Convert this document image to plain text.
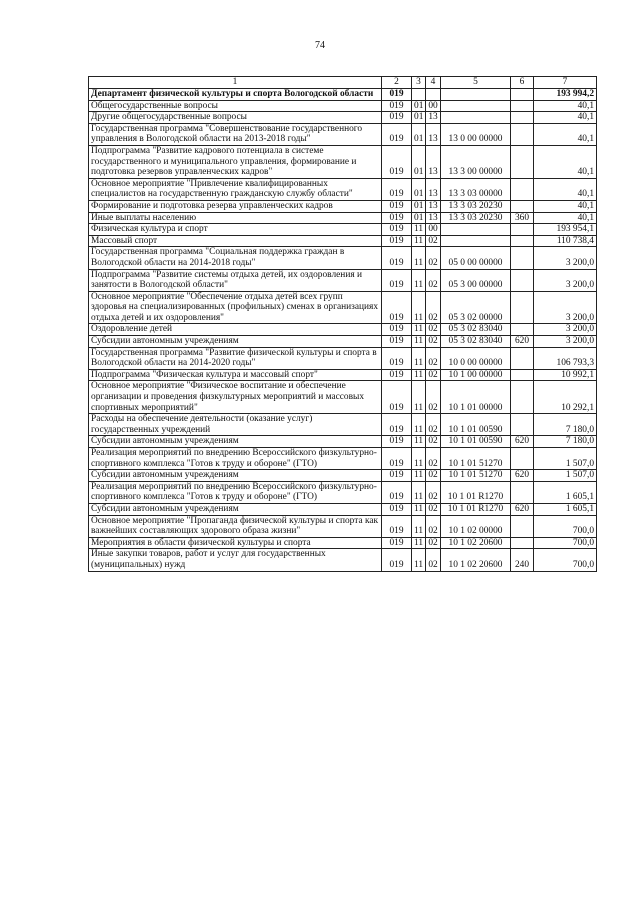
74
1	2	3	4	5	6	7
Департамент физической культуры и спорта Вологодской области	019					193 994,2
Общегосударственные вопросы	019	01	00			40,1
Другие общегосударственные вопросы	019	01	13			40,1
Государственная программа "Совершенствование государственного управления в Вологодской области на 2013-2018 годы"	019	01	13	13 0 00 00000		40,1
Подпрограмма "Развитие кадрового потенциала в системе государственного и муниципального управления, формирование и подготовка резервов управленческих кадров"	019	01	13	13 3 00 00000		40,1
Основное мероприятие "Привлечение квалифицированных специалистов на государственную гражданскую службу области"	019	01	13	13 3 03 00000		40,1
Формирование и подготовка резерва управленческих кадров	019	01	13	13 3 03 20230		40,1
Иные выплаты населению	019	01	13	13 3 03 20230	360	40,1
Физическая культура и спорт	019	11	00			193 954,1
Массовый спорт	019	11	02			110 738,4
Государственная программа "Социальная поддержка граждан в Вологодской области на 2014-2018 годы"	019	11	02	05 0 00 00000		3 200,0
Подпрограмма "Развитие системы отдыха детей, их оздоровления и занятости в Вологодской области"	019	11	02	05 3 00 00000		3 200,0
Основное мероприятие "Обеспечение отдыха детей всех групп здоровья на специализированных (профильных) сменах в организациях отдыха детей и их оздоровления"	019	11	02	05 3 02 00000		3 200,0
Оздоровление детей	019	11	02	05 3 02 83040		3 200,0
Субсидии автономным учреждениям	019	11	02	05 3 02 83040	620	3 200,0
Государственная программа "Развитие физической культуры и спорта в Вологодской области на 2014-2020 годы"	019	11	02	10 0 00 00000		106 793,3
Подпрограмма "Физическая культура и массовый спорт"	019	11	02	10 1 00 00000		10 992,1
Основное мероприятие "Физическое воспитание и обеспечение организации и проведения физкультурных мероприятий и массовых спортивных мероприятий"	019	11	02	10 1 01 00000		10 292,1
Расходы на обеспечение деятельности (оказание услуг) государственных учреждений	019	11	02	10 1 01 00590		7 180,0
Субсидии автономным учреждениям	019	11	02	10 1 01 00590	620	7 180,0
Реализация мероприятий по внедрению Всероссийского физкультурно-спортивного комплекса "Готов к труду и обороне" (ГТО)	019	11	02	10 1 01 51270		1 507,0
Субсидии автономным учреждениям	019	11	02	10 1 01 51270	620	1 507,0
Реализация мероприятий по внедрению Всероссийского физкультурно-спортивного комплекса "Готов к труду и обороне" (ГТО)	019	11	02	10 1 01 R1270		1 605,1
Субсидии автономным учреждениям	019	11	02	10 1 01 R1270	620	1 605,1
Основное мероприятие "Пропаганда физической культуры и спорта как важнейших составляющих здорового образа жизни"	019	11	02	10 1 02 00000		700,0
Мероприятия в области физической культуры и спорта	019	11	02	10 1 02 20600		700,0
Иные закупки товаров, работ и услуг для государственных (муниципальных) нужд	019	11	02	10 1 02 20600	240	700,0
